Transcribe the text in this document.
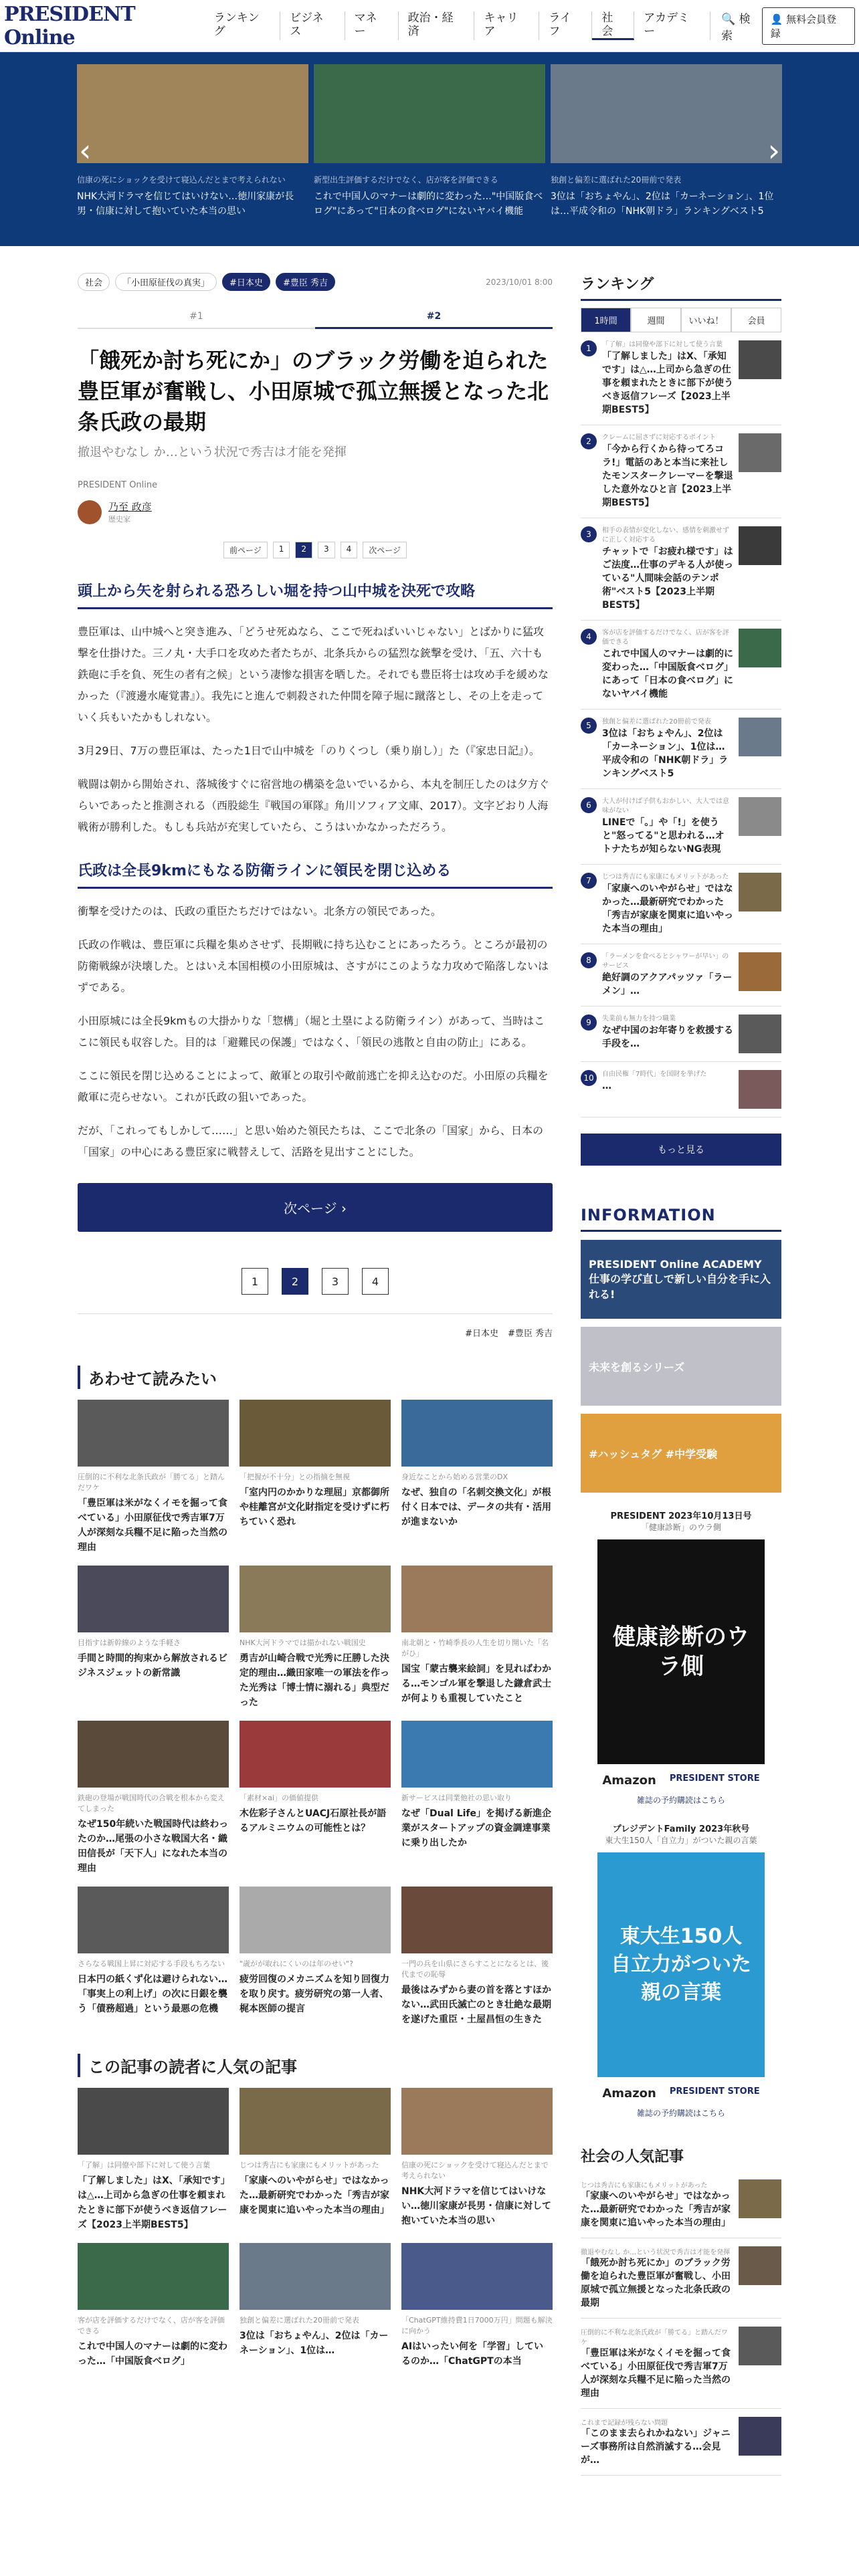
PRESIDENT Online
ランキング
ビジネス
マネー
政治・経済
キャリア
ライフ
社会
アカデミー
🔍 検索
👤 無料会員登録
‹

信康の死にショックを受けて寝込んだとまで考えられない

NHK大河ドラマを信じてはいけない…徳川家康が長男・信康に対して抱いていた本当の思い

新型出生評価するだけでなく、店が客を評価できる

これで中国人のマナーは劇的に変わった…"中国版食べログ"にあって"日本の食べログ"にないヤバイ機能

独創と偏差に選ばれた20冊前で発表

3位は「おちょやん」、2位は「カーネーション」、1位は…平成令和の「NHK朝ドラ」ランキングベスト5

›
社会	「小田原征伐の真実」	#日本史	#豊臣 秀吉	2023/10/01 8:00
#1	#2
「餓死か討ち死にか」のブラック労働を迫られた豊臣軍が奮戦し、小田原城で孤立無援となった北条氏政の最期
撤退やむなし か…という状況で秀吉は才能を発揮
PRESIDENT Online
乃至 政彦
歴史家
前ページ	1	2	3	4	次ページ
頭上から矢を射られる恐ろしい堀を持つ山中城を決死で攻略

豊臣軍は、山中城へと突き進み、「どうせ死ぬなら、ここで死ねばいいじゃない」とばかりに猛攻撃を仕掛けた。三ノ丸・大手口を攻めた者たちが、北条兵からの猛烈な銃撃を受け、「五、六十も鉄砲に手を負、死生の者有之候」という凄惨な損害を晒した。それでも豊臣将士は攻め手を緩めなかった（『渡邊水庵覚書』）。我先にと進んで刺殺された仲間を障子堀に蹴落とし、その上を走っていく兵もいたかもしれない。

3月29日、7万の豊臣軍は、たった1日で山中城を「のりくつし（乗り崩し）」た（『家忠日記』）。

戦闘は朝から開始され、落城後すぐに宿営地の構築を急いでいるから、本丸を制圧したのは夕方ぐらいであったと推測される（西股総生『戦国の軍隊』角川ソフィア文庫、2017）。文字どおり人海戦術が勝利した。もしも兵站が充実していたら、こうはいかなかっただろう。

氏政は全長9kmにもなる防衛ラインに領民を閉じ込める

衝撃を受けたのは、氏政の重臣たちだけではない。北条方の領民であった。

氏政の作戦は、豊臣軍に兵糧を集めさせず、長期戦に持ち込むことにあったろう。ところが最初の防衛戦線が決壊した。とはいえ本国相模の小田原城は、さすがにこのような力攻めで陥落しないはずである。

小田原城には全長9kmもの大掛かりな「惣構」（堀と土塁による防衛ライン）があって、当時はここに領民も収容した。目的は「避難民の保護」ではなく、「領民の逃散と自由の防止」にある。

ここに領民を閉じ込めることによって、敵軍との取引や敵前逃亡を抑え込むのだ。小田原の兵糧を敵軍に売らせない。これが氏政の狙いであった。

だが、「これってもしかして……」と思い始めた領民たちは、ここで北条の「国家」から、日本の「国家」の中心にある豊臣家に戦替えして、活路を見出すことにした。

次ページ ›
1	2	3	4
#日本史 #豊臣 秀吉
あわせて読みたい
圧倒的に不利な北条氏政が「勝てる」と踏んだワケ
「豊臣軍は米がなくイモを掘って食べている」小田原征伐で秀吉軍7万人が深刻な兵糧不足に陥った当然の理由
「把握が不十分」との指摘を無視
「室内円のかかりな理屈」京都御所や桂離宮が文化財指定を受けずに朽ちていく恐れ
身近なことから始める営業のDX
なぜ、独自の「名刺交換文化」が根付く日本では、データの共有・活用が進まないか
目指すは新幹線のような手軽さ
手間と時間的拘束から解放されるビジネスジェットの新常識
NHK大河ドラマでは描かれない戦国史
勇吉が山崎合戦で光秀に圧勝した決定的理由…織田家唯一の軍法を作った光秀は「博士情に溺れる」典型だった
南北朝と・竹崎季長の人生を切り開いた「名がひ」
国宝「蒙古襲来絵詞」を見ればわかる…モンゴル軍を撃退した鎌倉武士が何よりも重視していたこと
鉄砲の登場が戦国時代の合戦を根本から変えてしまった
なぜ150年続いた戦国時代は終わったのか…尾張の小さな戦国大名・織田信長が「天下人」になれた本当の理由
「素材×ai」の価値提供
木佐彩子さんとUACJ石原社長が語るアルミニウムの可能性とは？
新サービスは同業他社の思い取り
なぜ「Dual Life」を掲げる新進企業がスタートアップの資金調達事業に乗り出したか
さらなる戦国上昇に対応する手段もちろない
日本円の紙くず化は避けられない…「事実上の利上げ」の次に日銀を襲う「債務超過」という最悪の危機
"歳がが取れにくいのは年のせい"?
疲労回復のメカニズムを知り回復力を取り戻す。疲労研究の第一人者、梶本医師の提言
一門の兵を山県にさらすことになるとは、後代までの恥辱
最後はみずから妻の首を落とすほかない…武田氏滅亡のとき壮絶な最期を遂げた重臣・土屋昌恒の生きた
この記事の読者に人気の記事
「了解」は同僚や部下に対して使う言葉
「了解しました」はX、「承知です」は△…上司から急ぎの仕事を頼まれたときに部下が使うべき返信フレーズ【2023上半期BEST5】
じつは秀吉にも家康にもメリットがあった
「家康へのいやがらせ」ではなかった…最新研究でわかった「秀吉が家康を関東に追いやった本当の理由」
信康の死にショックを受けて寝込んだとまで考えられない
NHK大河ドラマを信じてはいけない…徳川家康が長男・信康に対して抱いていた本当の思い
客が店を評価するだけでなく、店が客を評価できる
これで中国人のマナーは劇的に変わった…「中国版食べログ」
独創と偏差に選ばれた20冊前で発表
3位は「おちょやん」、2位は「カーネーション」、1位は…
「ChatGPT維持費1日7000万円」問題も解決に向かう
AIはいったい何を「学習」しているのか…「ChatGPTの本当
ランキング
1時間	週間	いいね！	会員
1	「了解」は同僚や部下に対して使う言葉
「了解しました」はX、「承知です」は△…上司から急ぎの仕事を頼まれたときに部下が使うべき返信フレーズ【2023上半期BEST5】
2	クレームに屈さずに対応するポイント
「今から行くから待ってろコラ!」電話のあと本当に来社したモンスタークレーマーを撃退した意外なひと言【2023上半期BEST5】
3	相手の表情が変化しない、感情を刺激せずに正しく対応する
チャットで「お疲れ様です」はご法度…仕事のデキる人が使っている"人間味会話のテンポ術"ベスト5【2023上半期BEST5】
4	客が店を評価するだけでなく、店が客を評価できる
これで中国人のマナーは劇的に変わった…「中国版食べログ」にあって「日本の食べログ」にないヤバイ機能
5	独創と偏差に選ばれた20冊前で発表
3位は「おちょやん」、2位は「カーネーション」、1位は…平成令和の「NHK朝ドラ」ランキングベスト5
6	大人が付けば子供もおかしい、大人では意味がない
LINEで「。」や「!」を使うと"怒ってる"と思われる…オトナたちが知らないNG表現
7	じつは秀吉にも家康にもメリットがあった
「家康へのいやがらせ」ではなかった…最新研究でわかった「秀吉が家康を関東に追いやった本当の理由」
8	「ラーメンを食べるとシャワーが早い」のサービス
絶好調のアクアパッツァ「ラーメン」…
9	失業前も無力を持つ職業
なぜ中国のお年寄りを救援する手段を…
10	自由民権「7時代」を国財を挙げた
…
もっと見る
INFORMATION
PRESIDENT Online ACADEMY 仕事の学び直しで新しい自分を手に入れる!
未来を創るシリーズ
#ハッシュタグ #中学受験
PRESIDENT 2023年10月13日号
「健康診断」のウラ側
健康診断のウラ側
Amazon PRESIDENT STORE
雑誌の予約購読はこちら
プレジデントFamily 2023年秋号
東大生150人「自立力」がついた親の言葉
東大生150人 自立力がついた親の言葉
Amazon PRESIDENT STORE
雑誌の予約購読はこちら
社会の人気記事
じつは秀吉にも家康にもメリットがあった
「家康へのいやがらせ」ではなかった…最新研究でわかった「秀吉が家康を関東に追いやった本当の理由」
撤退やむなし か…という状況で秀吉は才能を発揮
「餓死か討ち死にか」のブラック労働を迫られた豊臣軍が奮戦し、小田原城で孤立無援となった北条氏政の最期
圧倒的に不利な北条氏政が「勝てる」と踏んだワケ
「豊臣軍は米がなくイモを掘って食べている」小田原征伐で秀吉軍7万人が深刻な兵糧不足に陥った当然の理由
これまで記録が残らない問題
「このまま去られかねない」ジャニーズ事務所は自然消滅する…会見が…
